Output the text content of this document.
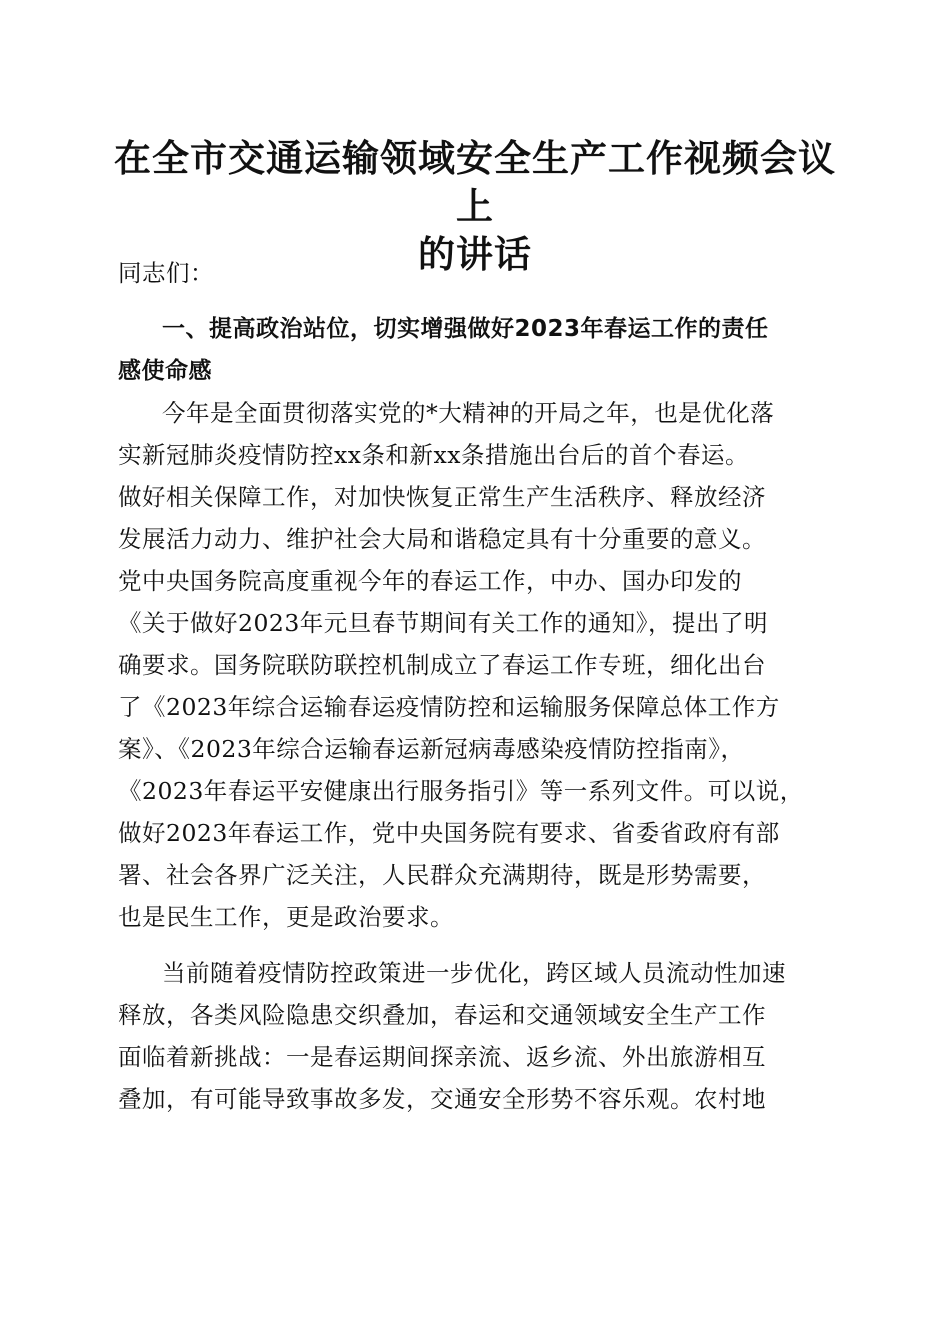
在全市交通运输领域安全生产工作视频会议上
的讲话

同志们：

一、提高政治站位，切实增强做好2023年春运工作的责任
感使命感
今年是全面贯彻落实党的*大精神的开局之年，也是优化落
实新冠肺炎疫情防控xx条和新xx条措施出台后的首个春运。
做好相关保障工作，对加快恢复正常生产生活秩序、释放经济
发展活力动力、维护社会大局和谐稳定具有十分重要的意义。
党中央国务院高度重视今年的春运工作，中办、国办印发的
《关于做好2023年元旦春节期间有关工作的通知》，提出了明
确要求。国务院联防联控机制成立了春运工作专班，细化出台
了《2023年综合运输春运疫情防控和运输服务保障总体工作方
案》、《2023年综合运输春运新冠病毒感染疫情防控指南》，
《2023年春运平安健康出行服务指引》等一系列文件。可以说，
做好2023年春运工作，党中央国务院有要求、省委省政府有部
署、社会各界广泛关注，人民群众充满期待，既是形势需要，
也是民生工作，更是政治要求。
当前随着疫情防控政策进一步优化，跨区域人员流动性加速
释放，各类风险隐患交织叠加，春运和交通领域安全生产工作
面临着新挑战：一是春运期间探亲流、返乡流、外出旅游相互
叠加，有可能导致事故多发，交通安全形势不容乐观。农村地
